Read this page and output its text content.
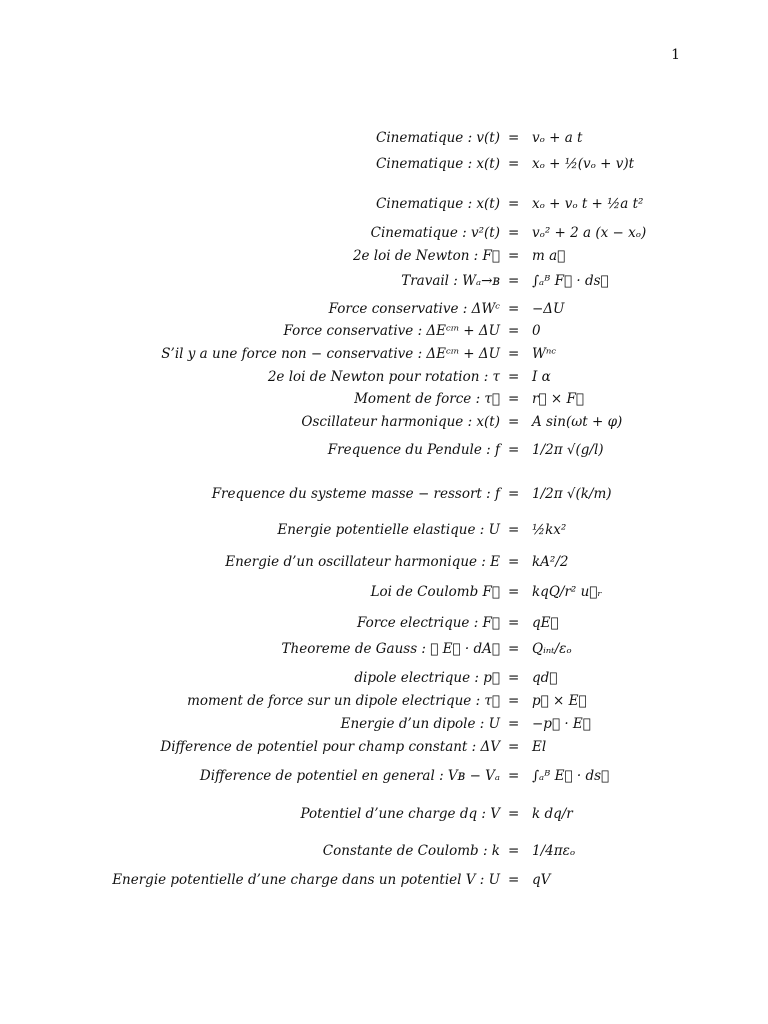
1
Cinematique : v(t) = vₒ + a t
Cinematique : x(t) = xₒ + ½(vₒ + v)t
Cinematique : x(t) = xₒ + vₒ t + ½a t²
Cinematique : v²(t) = vₒ² + 2 a (x − xₒ)
2e loi de Newton : F⃗ = m a⃗
Travail : Wₐ→ʙ = ∫ₐᴮ F⃗ · ds⃗
Force conservative : ΔWᶜ = −ΔU
Force conservative : ΔEᶜᶦⁿ + ΔU = 0
S’il y a une force non − conservative : ΔEᶜᶦⁿ + ΔU = Wⁿᶜ
2e loi de Newton pour rotation : τ = I α
Moment de force : τ⃗ = r⃗ × F⃗
Oscillateur harmonique : x(t) = A sin(ωt + φ)
Frequence du Pendule : f = 1/2π √(g/l)
Frequence du systeme masse − ressort : f = 1/2π √(k/m)
Energie potentielle elastique : U = ½kx²
Energie d’un oscillateur harmonique : E = kA²/2
Loi de Coulomb F⃗ = kqQ/r² u⃗ᵣ
Force electrique : F⃗ = qE⃗
Theoreme de Gauss : ∮ E⃗ · dA⃗ = Qᵢₙₜ/εₒ
dipole electrique : p⃗ = qd⃗
moment de force sur un dipole electrique : τ⃗ = p⃗ × E⃗
Energie d’un dipole : U = −p⃗ · E⃗
Difference de potentiel pour champ constant : ΔV = El
Difference de potentiel en general : Vʙ − Vₐ = ∫ₐᴮ E⃗ · ds⃗
Potentiel d’une charge dq : V = k dq/r
Constante de Coulomb : k = 1/4πεₒ
Energie potentielle d’une charge dans un potentiel V : U = qV
